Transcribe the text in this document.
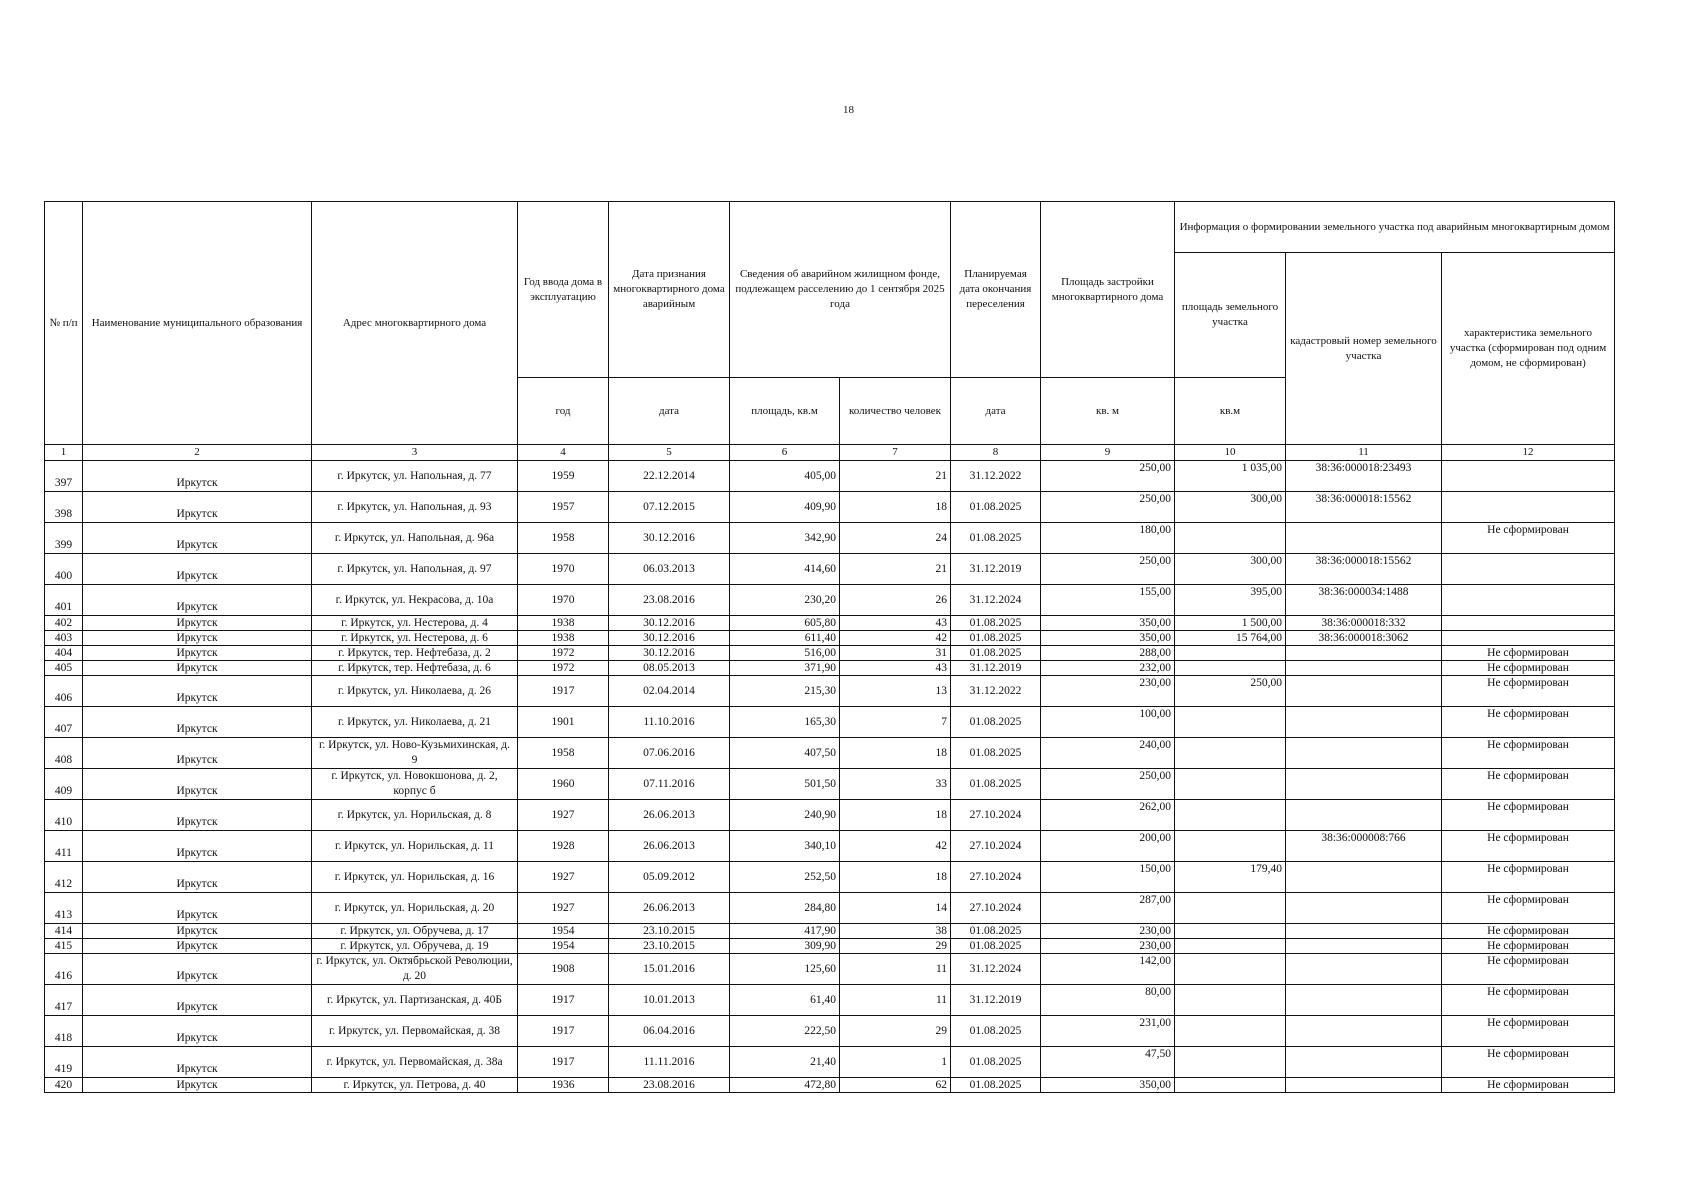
18
№ п/п	Наименование муниципального образования	Адрес многоквартирного дома	Год ввода дома в эксплуатацию	Дата признания многоквартирного дома аварийным	Сведения об аварийном жилищном фонде, подлежащем расселению до 1 сентября 2025 года		Планируемая дата окончания переселения	Площадь застройки многоквартирного дома	Информация о формировании земельного участка под аварийным многоквартирным домом		
									площадь земельного участка	кадастровый номер земельного участка	характеристика земельного участка (сформирован под одним домом, не сформирован)
			год	дата	площадь, кв.м	количество человек	дата	кв. м	кв.м		
1	2	3	4	5	6	7	8	9	10	11	12
397	Иркутск	г. Иркутск, ул. Напольная, д. 77	1959	22.12.2014	405,00	21	31.12.2022	250,00	1 035,00	38:36:000018:23493	
398	Иркутск	г. Иркутск, ул. Напольная, д. 93	1957	07.12.2015	409,90	18	01.08.2025	250,00	300,00	38:36:000018:15562	
399	Иркутск	г. Иркутск, ул. Напольная, д. 96а	1958	30.12.2016	342,90	24	01.08.2025	180,00			Не сформирован
400	Иркутск	г. Иркутск, ул. Напольная, д. 97	1970	06.03.2013	414,60	21	31.12.2019	250,00	300,00	38:36:000018:15562	
401	Иркутск	г. Иркутск, ул. Некрасова, д. 10а	1970	23.08.2016	230,20	26	31.12.2024	155,00	395,00	38:36:000034:1488	
402	Иркутск	г. Иркутск, ул. Нестерова, д. 4	1938	30.12.2016	605,80	43	01.08.2025	350,00	1 500,00	38:36:000018:332	
403	Иркутск	г. Иркутск, ул. Нестерова, д. 6	1938	30.12.2016	611,40	42	01.08.2025	350,00	15 764,00	38:36:000018:3062	
404	Иркутск	г. Иркутск, тер. Нефтебаза, д. 2	1972	30.12.2016	516,00	31	01.08.2025	288,00			Не сформирован
405	Иркутск	г. Иркутск, тер. Нефтебаза, д. 6	1972	08.05.2013	371,90	43	31.12.2019	232,00			Не сформирован
406	Иркутск	г. Иркутск, ул. Николаева, д. 26	1917	02.04.2014	215,30	13	31.12.2022	230,00	250,00		Не сформирован
407	Иркутск	г. Иркутск, ул. Николаева, д. 21	1901	11.10.2016	165,30	7	01.08.2025	100,00			Не сформирован
408	Иркутск	г. Иркутск, ул. Ново-Кузьмихинская, д. 9	1958	07.06.2016	407,50	18	01.08.2025	240,00			Не сформирован
409	Иркутск	г. Иркутск, ул. Новокшонова, д. 2, корпус б	1960	07.11.2016	501,50	33	01.08.2025	250,00			Не сформирован
410	Иркутск	г. Иркутск, ул. Норильская, д. 8	1927	26.06.2013	240,90	18	27.10.2024	262,00			Не сформирован
411	Иркутск	г. Иркутск, ул. Норильская, д. 11	1928	26.06.2013	340,10	42	27.10.2024	200,00		38:36:000008:766	Не сформирован
412	Иркутск	г. Иркутск, ул. Норильская, д. 16	1927	05.09.2012	252,50	18	27.10.2024	150,00	179,40		Не сформирован
413	Иркутск	г. Иркутск, ул. Норильская, д. 20	1927	26.06.2013	284,80	14	27.10.2024	287,00			Не сформирован
414	Иркутск	г. Иркутск, ул. Обручева, д. 17	1954	23.10.2015	417,90	38	01.08.2025	230,00			Не сформирован
415	Иркутск	г. Иркутск, ул. Обручева, д. 19	1954	23.10.2015	309,90	29	01.08.2025	230,00			Не сформирован
416	Иркутск	г. Иркутск, ул. Октябрьской Революции, д. 20	1908	15.01.2016	125,60	11	31.12.2024	142,00			Не сформирован
417	Иркутск	г. Иркутск, ул. Партизанская, д. 40Б	1917	10.01.2013	61,40	11	31.12.2019	80,00			Не сформирован
418	Иркутск	г. Иркутск, ул. Первомайская, д. 38	1917	06.04.2016	222,50	29	01.08.2025	231,00			Не сформирован
419	Иркутск	г. Иркутск, ул. Первомайская, д. 38а	1917	11.11.2016	21,40	1	01.08.2025	47,50			Не сформирован
420	Иркутск	г. Иркутск, ул. Петрова, д. 40	1936	23.08.2016	472,80	62	01.08.2025	350,00			Не сформирован
